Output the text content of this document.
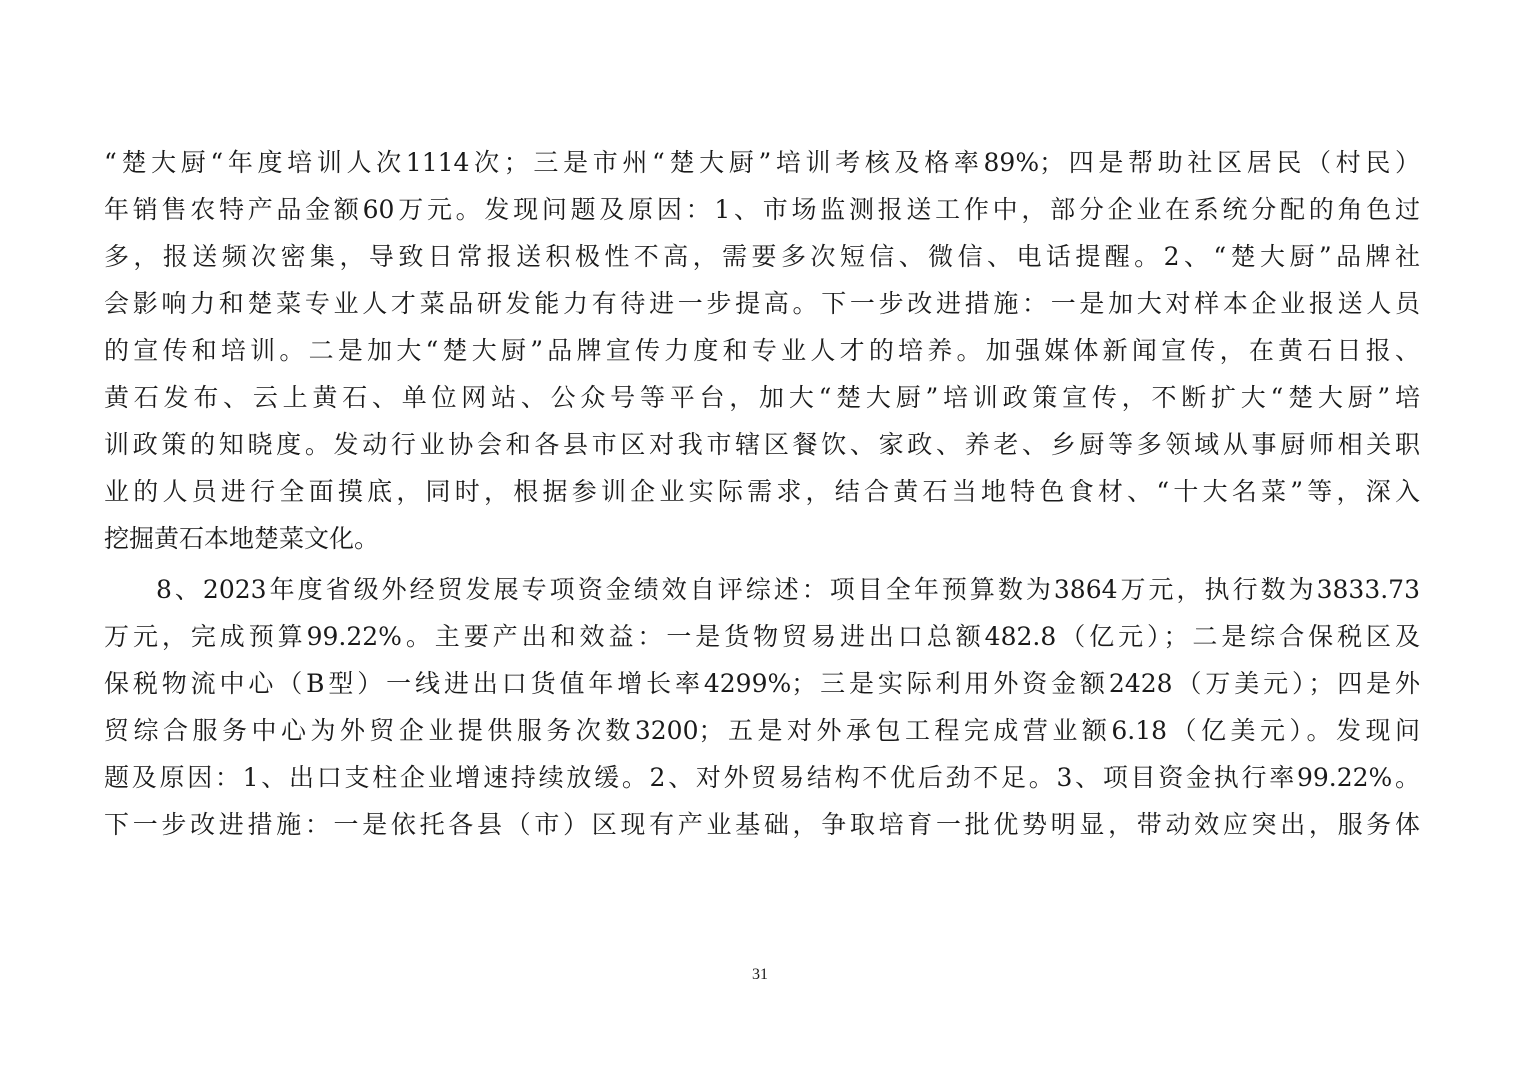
“楚大厨“年度培训人次1114次；三是市州“楚大厨”培训考核及格率89%；四是帮助社区居民（村民）
年销售农特产品金额60万元。发现问题及原因：1、市场监测报送工作中，部分企业在系统分配的角色过
多，报送频次密集，导致日常报送积极性不高，需要多次短信、微信、电话提醒。2、“楚大厨”品牌社
会影响力和楚菜专业人才菜品研发能力有待进一步提高。下一步改进措施：一是加大对样本企业报送人员
的宣传和培训。二是加大“楚大厨”品牌宣传力度和专业人才的培养。加强媒体新闻宣传，在黄石日报、
黄石发布、云上黄石、单位网站、公众号等平台，加大“楚大厨”培训政策宣传，不断扩大“楚大厨”培
训政策的知晓度。发动行业协会和各县市区对我市辖区餐饮、家政、养老、乡厨等多领域从事厨师相关职
业的人员进行全面摸底，同时，根据参训企业实际需求，结合黄石当地特色食材、“十大名菜”等，深入
挖掘黄石本地楚菜文化。
8、2023年度省级外经贸发展专项资金绩效自评综述：项目全年预算数为3864万元，执行数为3833.73
万元，完成预算99.22%。主要产出和效益：一是货物贸易进出口总额482.8（亿元）；二是综合保税区及
保税物流中心（B型）一线进出口货值年增长率4299%；三是实际利用外资金额2428（万美元）；四是外
贸综合服务中心为外贸企业提供服务次数3200；五是对外承包工程完成营业额6.18（亿美元）。发现问
题及原因：1、出口支柱企业增速持续放缓。2、对外贸易结构不优后劲不足。3、项目资金执行率99.22%。
下一步改进措施：一是依托各县（市）区现有产业基础，争取培育一批优势明显，带动效应突出，服务体
31
